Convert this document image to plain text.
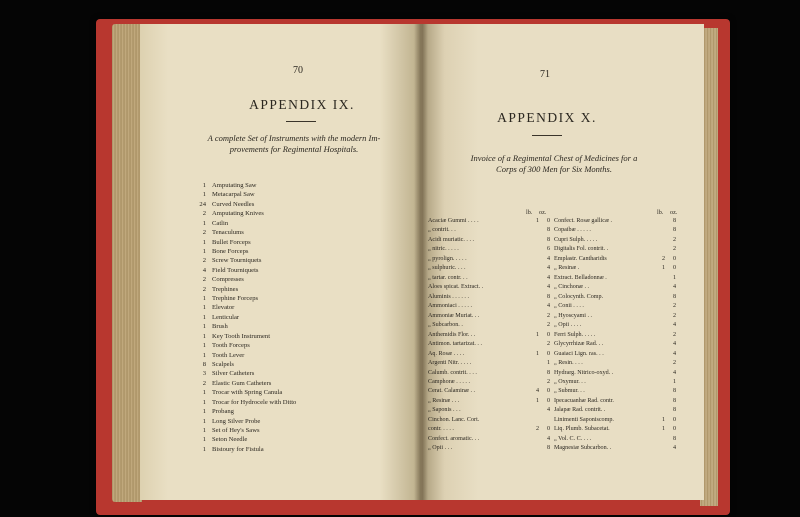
70
APPENDIX IX.
A complete Set of Instruments with the modern Im-
provements for Regimental Hospitals.
1 Amputating Saw
1 Metacarpal Saw
24 Curved Needles
2 Amputating Knives
1 Catlin
2 Tenaculums
1 Bullet Forceps
1 Bone Forceps
2 Screw Tourniquets
4 Field Tourniquets
2 Compresses
2 Trephines
1 Trephine Forceps
1 Elevator
1 Lenticular
1 Brush
1 Key Tooth Instrument
1 Tooth Forceps
1 Tooth Lever
8 Scalpels
3 Silver Catheters
2 Elastic Gum Catheters
1 Trocar with Spring Canula
1 Trocar for Hydrocele with Ditto
1 Probang
1 Long Silver Probe
1 Set of Hey's Saws
1 Seton Needle
1 Bistoury for Fistula
71
APPENDIX X.
Invoice of a Regimental Chest of Medicines for a
Corps of 300 Men for Six Months.
lb. oz.	lb. oz.
Acaciæ Gummi . . . .	1 0
„ contrit. . .	8
Acidi muriatic. . . .	8
„ nitric. . . . .	6
„ pyrolign. . . . .	4
„ sulphuric. . . .	4
„ tartar. contr. . .	4
Aloes spicat. Extract. .	4
Aluminis . . . . . .	8
Ammoniaci . . . . .	4
Ammoniæ Muriat. . .	2
„ Subcarbon. .	2
Anthemidis Flor. . .	1 0
Antimon. tartarizat. . .	2
Aq. Rosæ . . . .	1 0
Argenti Nitr. . . . .	1
Calumb. contrit. . . .	8
Camphoræ . . . . .	2
Cerat. Calaminæ . .	4 0
„ Resinæ . . .	1 0
„ Saponis . . .	4
Cinchon. Lanc. Cort.
contr. . . . .	2 0
Confect. aromatic. . .	4
„ Opii . . .	8
Confect. Rosæ gallicæ .	8
Copaibæ . . . . .	8
Cupri Sulph. . . . .	2
Digitalis Fol. contrit. .	2
Emplastr. Cantharidis	2 0
„ Resinæ .	1 0
Extract. Belladonnæ .	1
„ Cinchonæ . .	4
„ Colocynth. Comp.	8
„ Conii . . . .	2
„ Hyoscyami . .	2
„ Opii . . . .	4
Ferri Sulph. . . . .	2
Glycyrrhizæ Rad. . .	4
Guaiaci Lign. ras. . .	4
„ Resin. . . .	2
Hydrarg. Nitrico-oxyd. .	4
„ Oxymur. . .	1
„ Submur. . .	8
Ipecacuanhæ Rad. contr.	8
Jalapæ Rad. contrit. .	8
Linimenti Saponiscomp.	1 0
Liq. Plumb. Subacetat.	1 0
„ Vol. C. C. . . .	8
Magnesiæ Subcarbon. .	4
